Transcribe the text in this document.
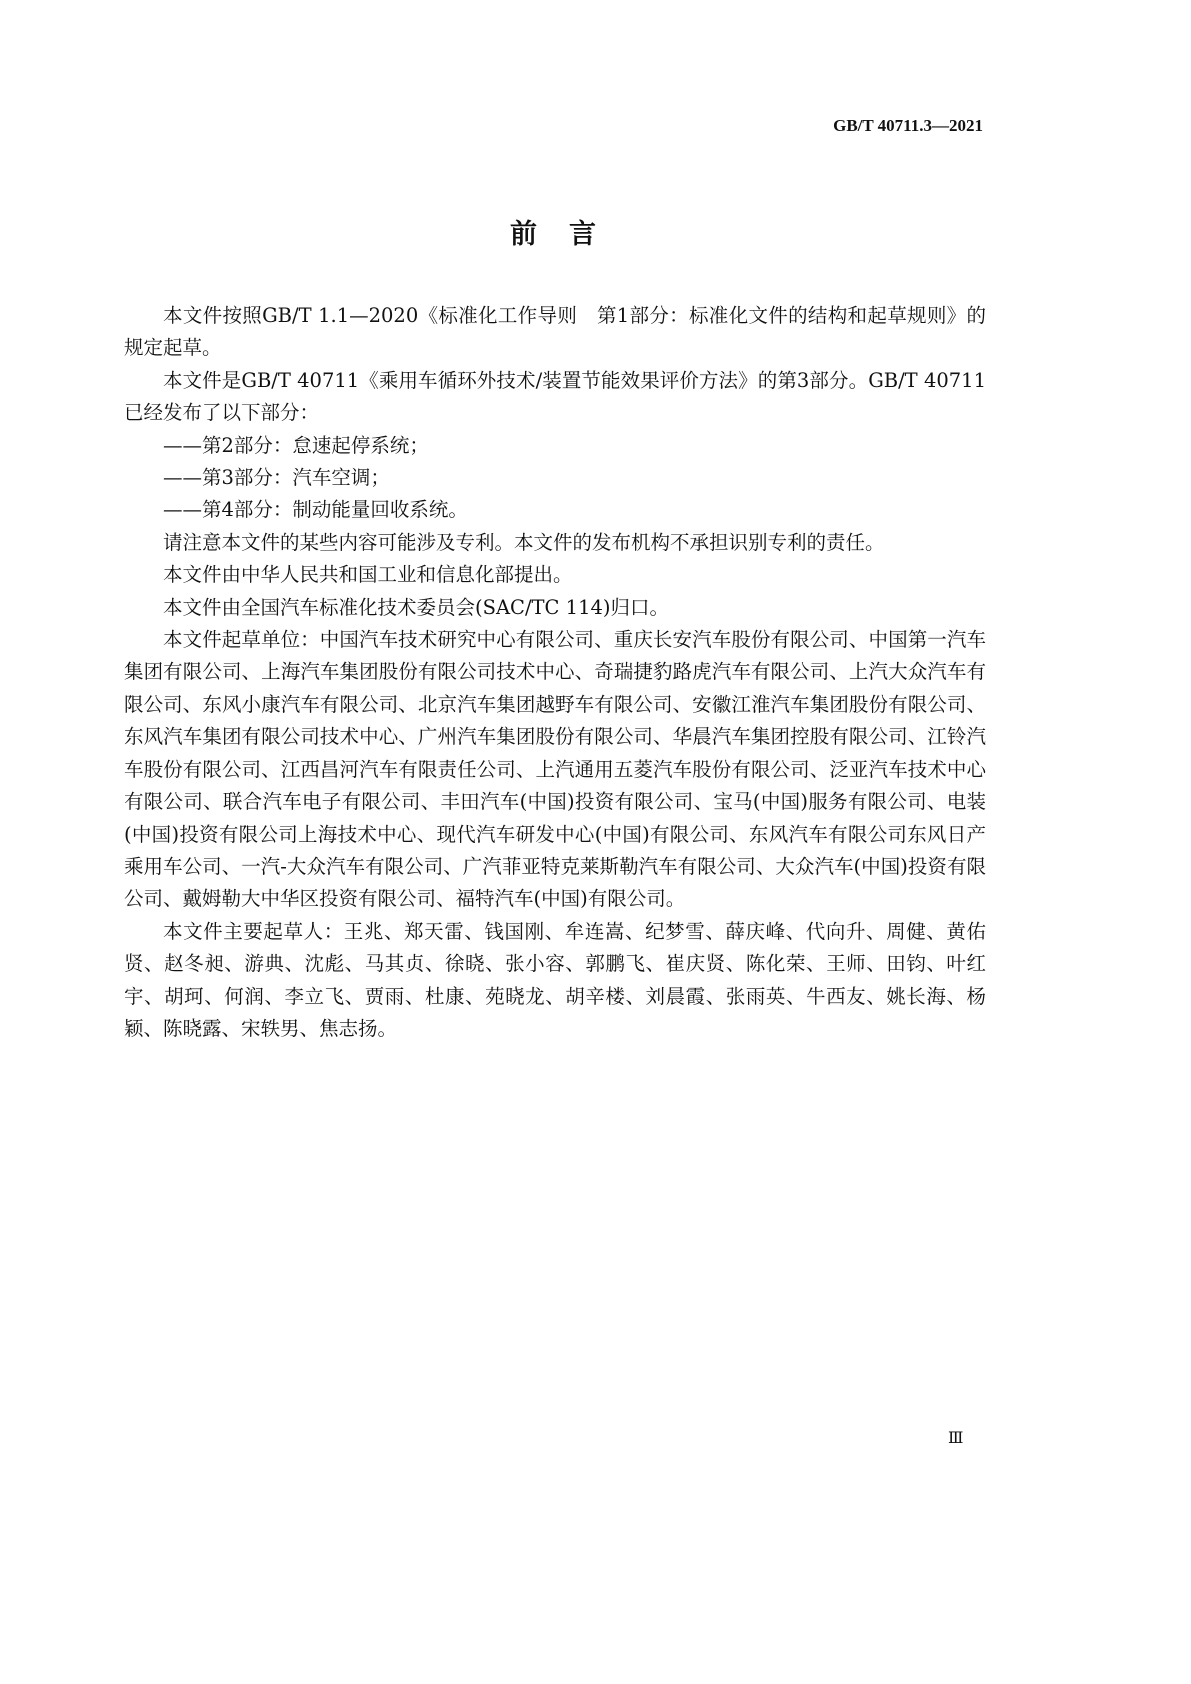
GB/T 40711.3—2021
前言

本文件按照GB/T 1.1—2020《标准化工作导则　第1部分：标准化文件的结构和起草规则》的规定起草。

本文件是GB/T 40711《乘用车循环外技术/装置节能效果评价方法》的第3部分。GB/T 40711已经发布了以下部分：

——第2部分：怠速起停系统；

——第3部分：汽车空调；

——第4部分：制动能量回收系统。

请注意本文件的某些内容可能涉及专利。本文件的发布机构不承担识别专利的责任。

本文件由中华人民共和国工业和信息化部提出。

本文件由全国汽车标准化技术委员会(SAC/TC 114)归口。

本文件起草单位：中国汽车技术研究中心有限公司、重庆长安汽车股份有限公司、中国第一汽车集团有限公司、上海汽车集团股份有限公司技术中心、奇瑞捷豹路虎汽车有限公司、上汽大众汽车有限公司、东风小康汽车有限公司、北京汽车集团越野车有限公司、安徽江淮汽车集团股份有限公司、东风汽车集团有限公司技术中心、广州汽车集团股份有限公司、华晨汽车集团控股有限公司、江铃汽车股份有限公司、江西昌河汽车有限责任公司、上汽通用五菱汽车股份有限公司、泛亚汽车技术中心有限公司、联合汽车电子有限公司、丰田汽车(中国)投资有限公司、宝马(中国)服务有限公司、电装(中国)投资有限公司上海技术中心、现代汽车研发中心(中国)有限公司、东风汽车有限公司东风日产乘用车公司、一汽-大众汽车有限公司、广汽菲亚特克莱斯勒汽车有限公司、大众汽车(中国)投资有限公司、戴姆勒大中华区投资有限公司、福特汽车(中国)有限公司。

本文件主要起草人：王兆、郑天雷、钱国刚、牟连嵩、纪梦雪、薛庆峰、代向升、周健、黄佑贤、赵冬昶、游典、沈彪、马其贞、徐晓、张小容、郭鹏飞、崔庆贤、陈化荣、王师、田钧、叶红宇、胡珂、何润、李立飞、贾雨、杜康、苑晓龙、胡辛楼、刘晨霞、张雨英、牛西友、姚长海、杨颖、陈晓露、宋轶男、焦志扬。

Ⅲ
